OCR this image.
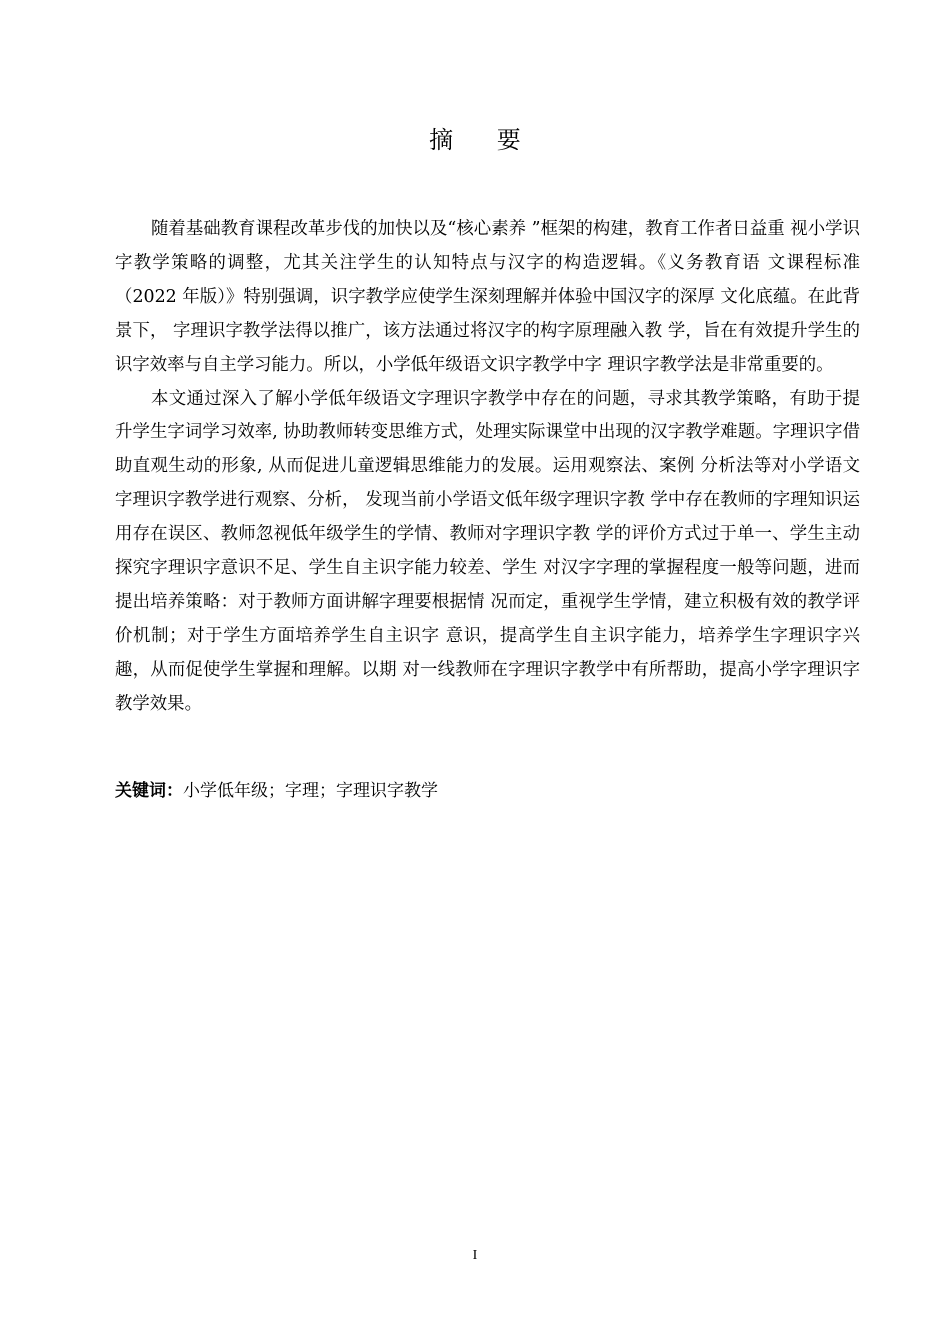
摘 要

随着基础教育课程改革步伐的加快以及“核心素养 ”框架的构建，教育工作者日益重 视小学识字教学策略的调整，尤其关注学生的认知特点与汉字的构造逻辑。《义务教育语 文课程标准（2022 年版）》特别强调，识字教学应使学生深刻理解并体验中国汉字的深厚 文化底蕴。在此背景下， 字理识字教学法得以推广，该方法通过将汉字的构字原理融入教 学，旨在有效提升学生的识字效率与自主学习能力。所以，小学低年级语文识字教学中字 理识字教学法是非常重要的。

本文通过深入了解小学低年级语文字理识字教学中存在的问题，寻求其教学策略，有助于提升学生字词学习效率, 协助教师转变思维方式，处理实际课堂中出现的汉字教学难题。字理识字借助直观生动的形象, 从而促进儿童逻辑思维能力的发展。运用观察法、案例 分析法等对小学语文字理识字教学进行观察、分析， 发现当前小学语文低年级字理识字教 学中存在教师的字理知识运用存在误区、教师忽视低年级学生的学情、教师对字理识字教 学的评价方式过于单一、学生主动探究字理识字意识不足、学生自主识字能力较差、学生 对汉字字理的掌握程度一般等问题，进而提出培养策略：对于教师方面讲解字理要根据情 况而定，重视学生学情，建立积极有效的教学评价机制；对于学生方面培养学生自主识字 意识，提高学生自主识字能力，培养学生字理识字兴趣，从而促使学生掌握和理解。以期 对一线教师在字理识字教学中有所帮助，提高小学字理识字教学效果。

关键词：小学低年级；字理；字理识字教学

I
